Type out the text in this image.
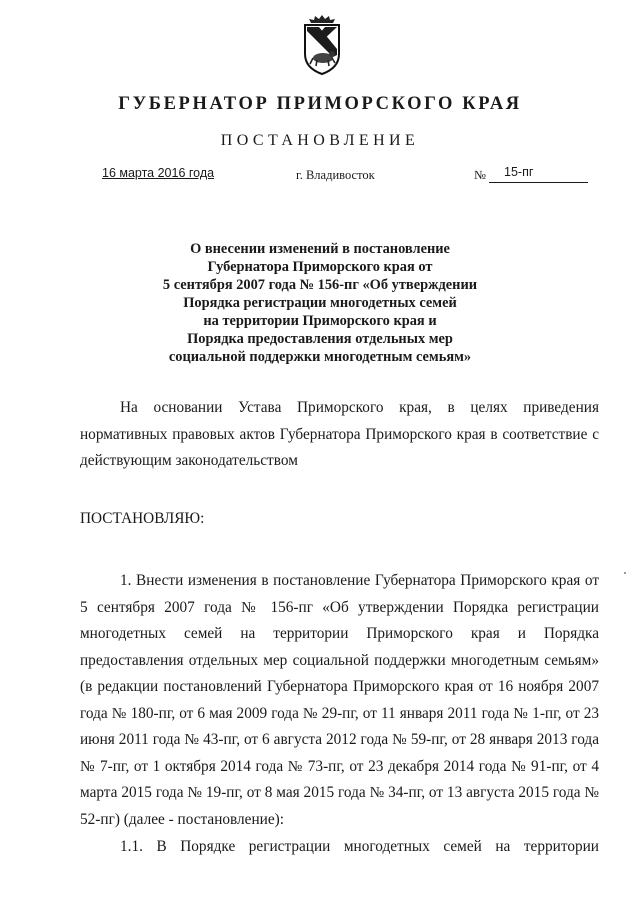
ГУБЕРНАТОР ПРИМОРСКОГО КРАЯ
ПОСТАНОВЛЕНИЕ
16 марта 2016 года	г. Владивосток	№ 15-пг
О внесении изменений в постановление
Губернатора Приморского края от
5 сентября 2007 года № 156-пг «Об утверждении
Порядка регистрации многодетных семей
на территории Приморского края и
Порядка предоставления отдельных мер
социальной поддержки многодетным семьям»
На основании Устава Приморского края, в целях приведения нормативных правовых актов Губернатора Приморского края в соответствие с действующим законодательством
ПОСТАНОВЛЯЮ:
1. Внести изменения в постановление Губернатора Приморского края от 5 сентября 2007 года № 156-пг «Об утверждении Порядка регистрации многодетных семей на территории Приморского края и Порядка предоставления отдельных мер социальной поддержки многодетным семьям» (в редакции постановлений Губернатора Приморского края от 16 ноября 2007 года № 180-пг, от 6 мая 2009 года № 29-пг, от 11 января 2011 года № 1-пг, от 23 июня 2011 года № 43-пг, от 6 августа 2012 года № 59-пг, от 28 января 2013 года № 7-пг, от 1 октября 2014 года № 73-пг, от 23 декабря 2014 года № 91-пг, от 4 марта 2015 года № 19-пг, от 8 мая 2015 года № 34-пг, от 13 августа 2015 года № 52-пг) (далее - постановление):
1.1. В Порядке регистрации многодетных семей на территории
